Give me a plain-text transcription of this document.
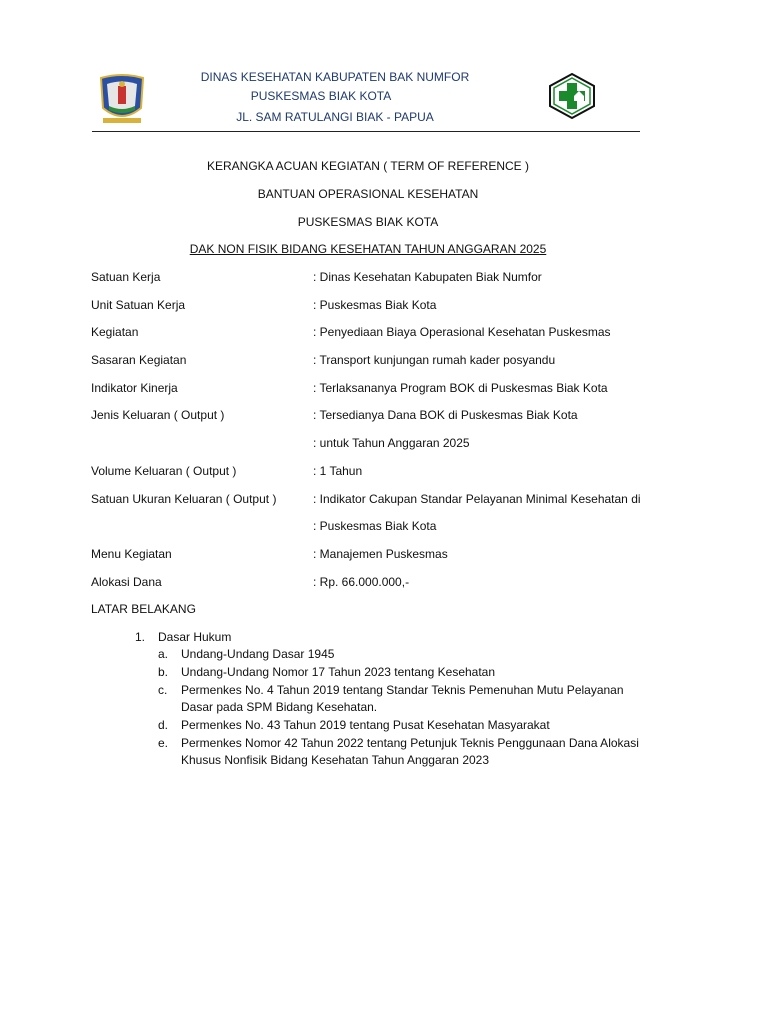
DINAS KESEHATAN KABUPATEN BAK NUMFOR
PUSKESMAS BIAK KOTA
JL. SAM RATULANGI BIAK - PAPUA
KERANGKA ACUAN KEGIATAN ( TERM OF REFERENCE )
BANTUAN OPERASIONAL KESEHATAN
PUSKESMAS BIAK KOTA
DAK NON FISIK BIDANG KESEHATAN TAHUN ANGGARAN 2025
Satuan Kerja	: Dinas Kesehatan Kabupaten Biak Numfor
Unit Satuan Kerja	: Puskesmas Biak Kota
Kegiatan	: Penyediaan Biaya Operasional Kesehatan Puskesmas
Sasaran Kegiatan	: Transport kunjungan rumah kader posyandu
Indikator Kinerja	: Terlaksananya Program BOK di Puskesmas Biak Kota
Jenis Keluaran ( Output )	: Tersedianya Dana BOK di Puskesmas Biak Kota
: untuk Tahun Anggaran 2025
Volume Keluaran ( Output )	: 1 Tahun
Satuan Ukuran Keluaran ( Output )	: Indikator Cakupan Standar Pelayanan Minimal Kesehatan di
: Puskesmas Biak Kota
Menu Kegiatan	: Manajemen Puskesmas
Alokasi Dana	: Rp. 66.000.000,-
LATAR BELAKANG
1. Dasar Hukum
a. Undang-Undang Dasar 1945
b. Undang-Undang Nomor 17 Tahun 2023 tentang Kesehatan
c. Permenkes No. 4 Tahun 2019 tentang Standar Teknis Pemenuhan Mutu Pelayanan
Dasar pada SPM Bidang Kesehatan.
d. Permenkes No. 43 Tahun 2019 tentang Pusat Kesehatan Masyarakat
e. Permenkes Nomor 42 Tahun 2022 tentang Petunjuk Teknis Penggunaan Dana Alokasi
Khusus Nonfisik Bidang Kesehatan Tahun Anggaran 2023
